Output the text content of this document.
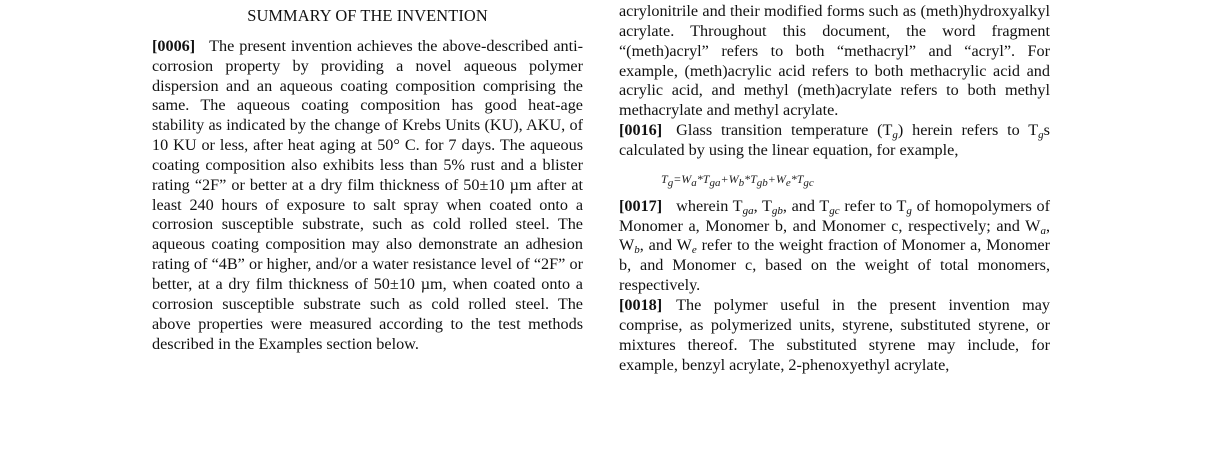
SUMMARY OF THE INVENTION

[0006] The present invention achieves the above-described anti-corrosion property by providing a novel aqueous polymer dispersion and an aqueous coating composition comprising the same. The aqueous coating composition has good heat-age stability as indicated by the change of Krebs Units (KU), AKU, of 10 KU or less, after heat aging at 50° C. for 7 days. The aqueous coating composition also exhibits less than 5% rust and a blister rating “2F” or better at a dry film thickness of 50±10 µm after at least 240 hours of exposure to salt spray when coated onto a corrosion susceptible substrate, such as cold rolled steel. The aqueous coating composition may also demonstrate an adhesion rating of “4B” or higher, and/or a water resistance level of “2F” or better, at a dry film thickness of 50±10 µm, when coated onto a corrosion susceptible substrate such as cold rolled steel. The above properties were measured according to the test methods described in the Examples section below.

acrylonitrile and their modified forms such as (meth)hydroxyalkyl acrylate. Throughout this document, the word fragment “(meth)acryl” refers to both “methacryl” and “acryl”. For example, (meth)acrylic acid refers to both methacrylic acid and acrylic acid, and methyl (meth)acrylate refers to both methyl methacrylate and methyl acrylate.

[0016] Glass transition temperature $(T_g)$ herein refers to $T_gs$ calculated by using the linear equation, for example,

$T_g=W_a*T_{ga}+W_b*T_{gb}+W_e*T_{gc}$

[0017] wherein $T_{ga}$, $T_{gb}$, and $T_{gc}$ refer to $T_g$ of homopolymers of Monomer a, Monomer b, and Monomer c, respectively; and $W_a$, $W_b$, and $W_e$ refer to the weight fraction of Monomer a, Monomer b, and Monomer c, based on the weight of total monomers, respectively.

[0018] The polymer useful in the present invention may comprise, as polymerized units, styrene, substituted styrene, or mixtures thereof. The substituted styrene may include, for example, benzyl acrylate, 2-phenoxyethyl acrylate,
